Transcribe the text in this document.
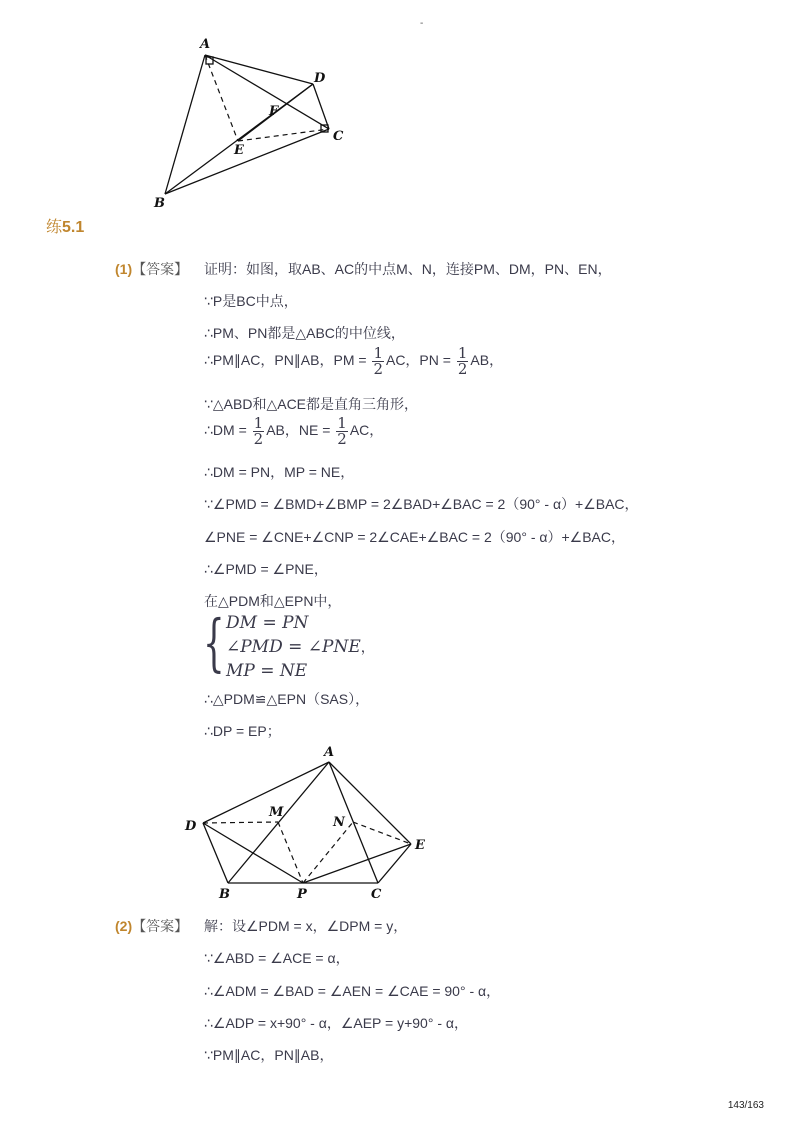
-
A
D
F
E
C
B
练5.1
(1)【答案】 证明：如图，取AB、AC的中点M、N，连接PM、DM，PN、EN，
∵P是BC中点，
∴PM、PN都是△ABC的中位线，
∴PM∥AC，PN∥AB，PM = $\frac{1}{2}$ AC，PN = $\frac{1}{2}$ AB，
∵△ABD和△ACE都是直角三角形，
∴DM = $\frac{1}{2}$ AB，NE = $\frac{1}{2}$ AC，
∴DM = PN，MP = NE，
∵∠PMD = ∠BMD+∠BMP = 2∠BAD+∠BAC = 2（90° - α）+∠BAC，
∠PNE = ∠CNE+∠CNP = 2∠CAE+∠BAC = 2（90° - α）+∠BAC，
∴∠PMD = ∠PNE，
在△PDM和△EPN中，
{ DM = PN
∠PMD = ∠PNE，
MP = NE
∴△PDM≌△EPN（SAS），
∴DP = EP；
A
D
M
N
E
B	P	C
(2)【答案】 解：设∠PDM = x，∠DPM = y，
∵∠ABD = ∠ACE = α，
∴∠ADM = ∠BAD = ∠AEN = ∠CAE = 90° - α，
∴∠ADP = x+90° - α，∠AEP = y+90° - α，
∵PM∥AC，PN∥AB，
143/163
